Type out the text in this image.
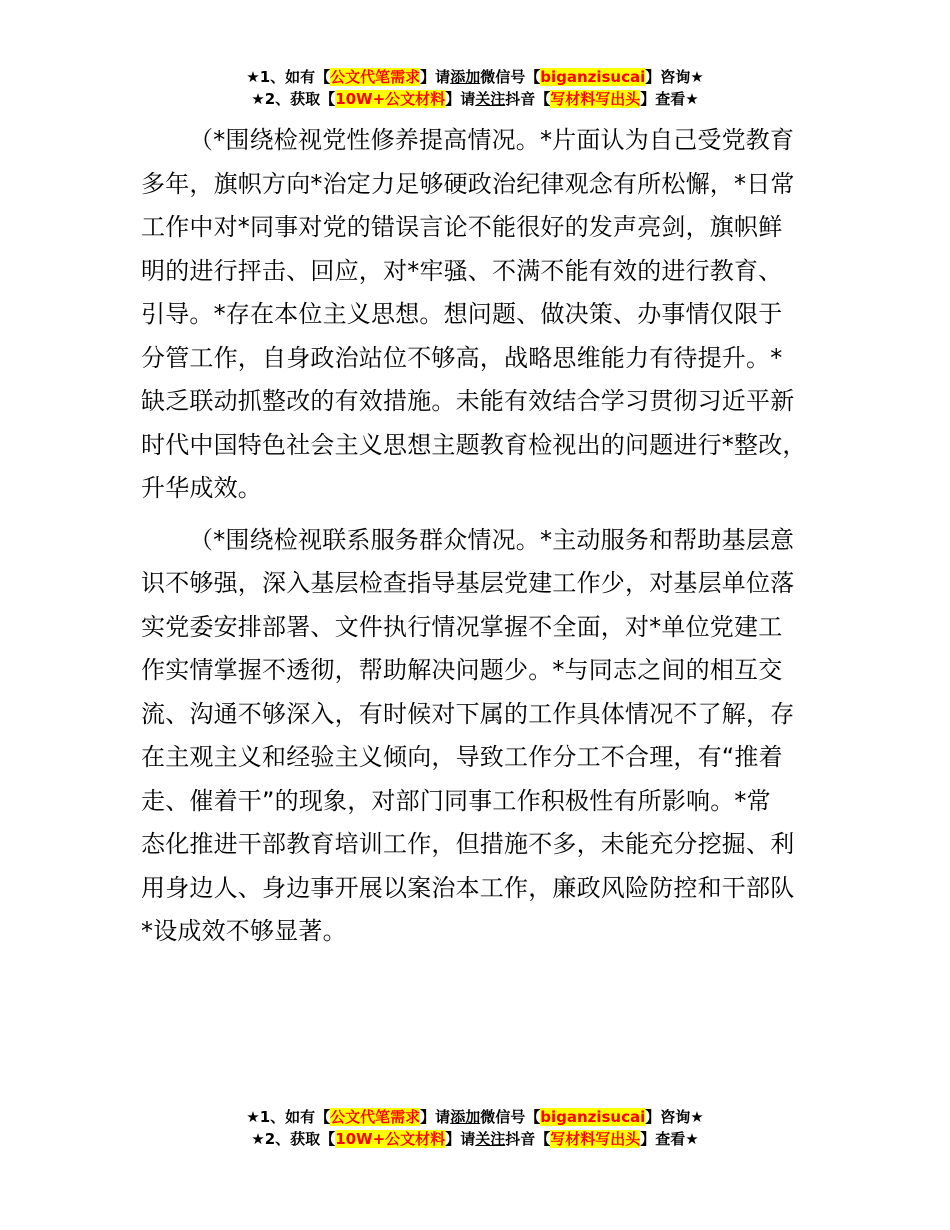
★1、如有【公文代笔需求】请添加微信号【biganzisucai】咨询★
★2、获取【10W+公文材料】请关注抖音【写材料写出头】查看★
（*围绕检视党性修养提高情况。*片面认为自己受党教育
多年，旗帜方向*治定力足够硬政治纪律观念有所松懈，*日常
工作中对*同事对党的错误言论不能很好的发声亮剑，旗帜鲜
明的进行抨击、回应，对*牢骚、不满不能有效的进行教育、
引导。*存在本位主义思想。想问题、做决策、办事情仅限于
分管工作，自身政治站位不够高，战略思维能力有待提升。*
缺乏联动抓整改的有效措施。未能有效结合学习贯彻习近平新
时代中国特色社会主义思想主题教育检视出的问题进行*整改，
升华成效。
（*围绕检视联系服务群众情况。*主动服务和帮助基层意
识不够强，深入基层检查指导基层党建工作少，对基层单位落
实党委安排部署、文件执行情况掌握不全面，对*单位党建工
作实情掌握不透彻，帮助解决问题少。*与同志之间的相互交
流、沟通不够深入，有时候对下属的工作具体情况不了解，存
在主观主义和经验主义倾向，导致工作分工不合理，有“推着
走、催着干”的现象，对部门同事工作积极性有所影响。*常
态化推进干部教育培训工作，但措施不多，未能充分挖掘、利
用身边人、身边事开展以案治本工作，廉政风险防控和干部队
*设成效不够显著。
★1、如有【公文代笔需求】请添加微信号【biganzisucai】咨询★
★2、获取【10W+公文材料】请关注抖音【写材料写出头】查看★
